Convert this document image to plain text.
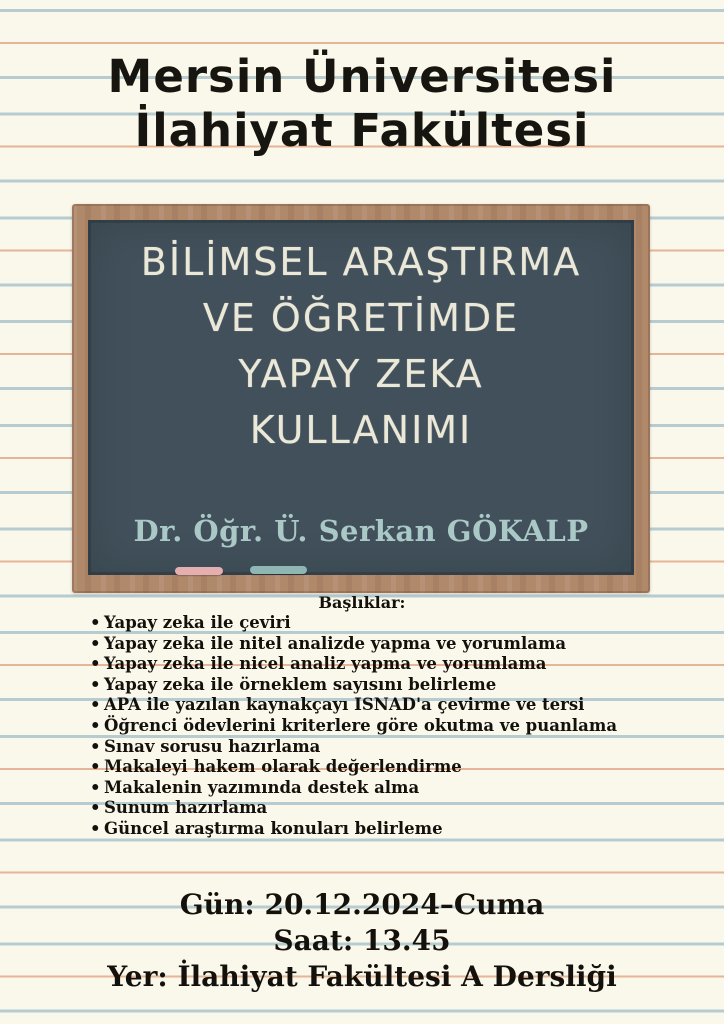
Mersin Üniversitesi
İlahiyat Fakültesi
BİLİMSEL ARAŞTIRMA
VE ÖĞRETİMDE
YAPAY ZEKA
KULLANIMI
Dr. Öğr. Ü. Serkan GÖKALP
Başlıklar:
• Yapay zeka ile çeviri
• Yapay zeka ile nitel analizde yapma ve yorumlama
• Yapay zeka ile nicel analiz yapma ve yorumlama
• Yapay zeka ile örneklem sayısını belirleme
• APA ile yazılan kaynakçayı ISNAD'a çevirme ve tersi
• Öğrenci ödevlerini kriterlere göre okutma ve puanlama
• Sınav sorusu hazırlama
• Makaleyi hakem olarak değerlendirme
• Makalenin yazımında destek alma
• Sunum hazırlama
• Güncel araştırma konuları belirleme
Gün: 20.12.2024–Cuma
Saat: 13.45
Yer: İlahiyat Fakültesi A Dersliği
